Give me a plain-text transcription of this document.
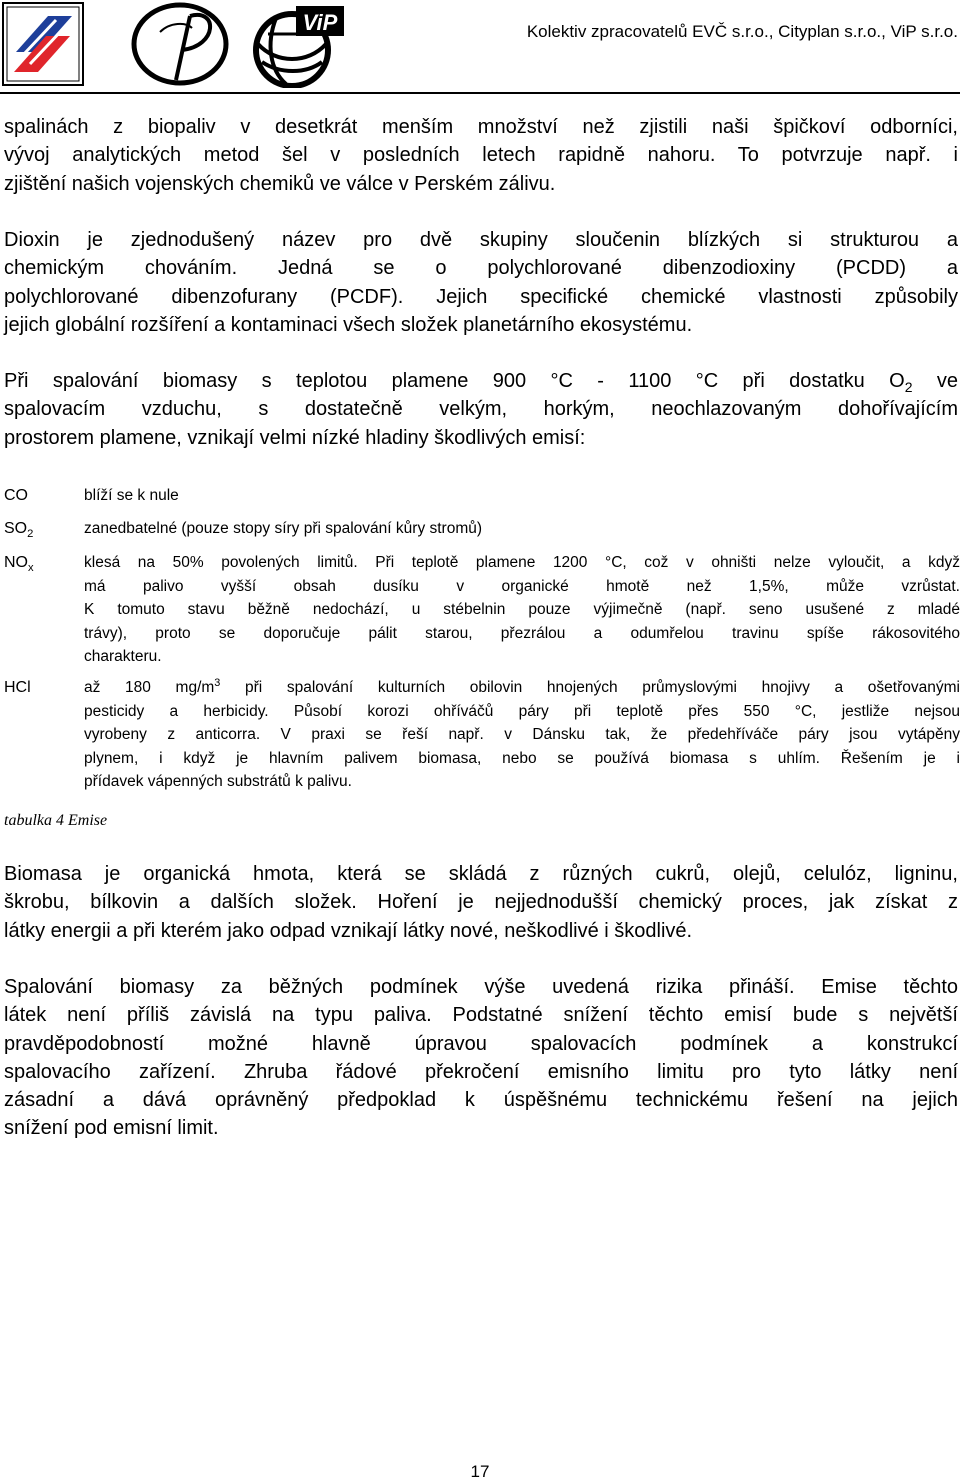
ViP	Kolektiv zpracovatelů EVČ s.r.o., Cityplan s.r.o., ViP s.r.o.
spalinách z biopaliv v desetkrát menším množství než zjistili naši špičkoví odborníci,
vývoj analytických metod šel v posledních letech rapidně nahoru. To potvrzuje např. i
zjištění našich vojenských chemiků ve válce v Perském zálivu.
Dioxin je zjednodušený název pro dvě skupiny sloučenin blízkých si strukturou a
chemickým chováním. Jedná se o polychlorované dibenzodioxiny (PCDD) a
polychlorované dibenzofurany (PCDF). Jejich specifické chemické vlastnosti způsobily
jejich globální rozšíření a kontaminaci všech složek planetárního ekosystému.
Při spalování biomasy s teplotou plamene 900 °C - 1100 °C při dostatku $O_2$ ve
spalovacím vzduchu, s dostatečně velkým, horkým, neochlazovaným dohořívajícím
prostorem plamene, vznikají velmi nízké hladiny škodlivých emisí:
CO	blíží se k nule
$SO_2$	zanedbatelné (pouze stopy síry při spalování kůry stromů)
$NO_x$	klesá na 50% povolených limitů. Při teplotě plamene 1200 °C, což v ohništi nelze vyloučit, a když
má palivo vyšší obsah dusíku v organické hmotě než 1,5%, může vzrůstat.
K tomuto stavu běžně nedochází, u stébelnin pouze výjimečně (např. seno usušené z mladé
trávy), proto se doporučuje pálit starou, přezrálou a odumřelou travinu spíše rákosovitého
charakteru.
HCl	až 180 $mg/m^3$ při spalování kulturních obilovin hnojených průmyslovými hnojivy a ošetřovanými
pesticidy a herbicidy. Působí korozi ohříváčů páry při teplotě přes 550 °C, jestliže nejsou
vyrobeny z anticorra. V praxi se řeší např. v Dánsku tak, že předehříváče páry jsou vytápěny
plynem, i když je hlavním palivem biomasa, nebo se používá biomasa s uhlím. Řešením je i
přídavek vápenných substrátů k palivu.
tabulka 4 Emise
Biomasa je organická hmota, která se skládá z různých cukrů, olejů, celulóz, ligninu,
škrobu, bílkovin a dalších složek. Hoření je nejjednodušší chemický proces, jak získat z
látky energii a při kterém jako odpad vznikají látky nové, neškodlivé i škodlivé.
Spalování biomasy za běžných podmínek výše uvedená rizika přináší. Emise těchto
látek není příliš závislá na typu paliva. Podstatné snížení těchto emisí bude s největší
pravděpodobností možné hlavně úpravou spalovacích podmínek a konstrukcí
spalovacího zařízení. Zhruba řádové překročení emisního limitu pro tyto látky není
zásadní a dává oprávněný předpoklad k úspěšnému technickému řešení na jejich
snížení pod emisní limit.
17
